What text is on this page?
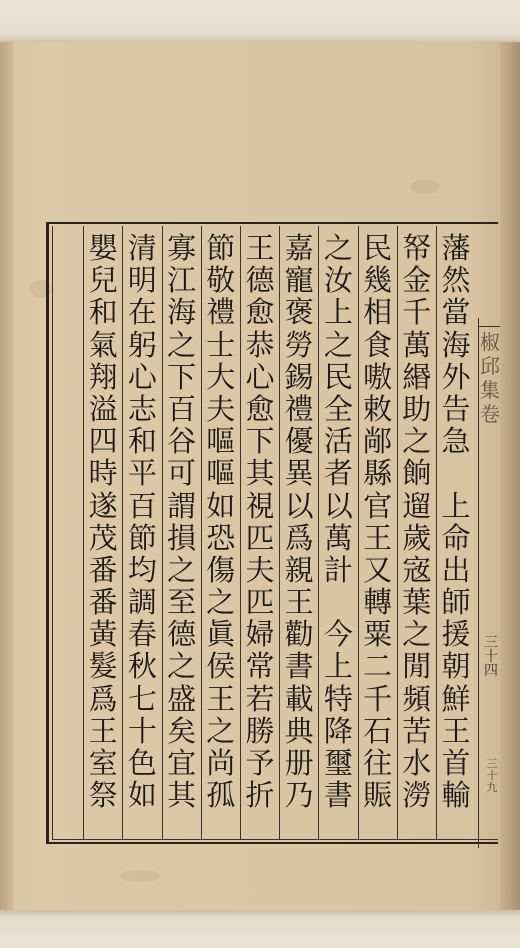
椒
邱
集
卷
三
十
四
三
十
九
藩
然
當
海
外
告
急

上
命
出
師
援
朝
鮮
王
首
輸
帑
金
千
萬
緡
助
之
餉
遛
歲
宼
葉
之
閒
頻
苦
水
澇
民
幾
相
食
嗷
敕
䣊
縣
官
王
又
轉
粟
二
千
石
往
賑
之
汝
上
之
民
全
活
者
以
萬
計

今
上
特
降
璽
書
嘉
寵
褒
勞
錫
禮
優
異
以
爲
親
王
勸
書
載
典
册
乃
王
德
愈
恭
心
愈
下
其
視
匹
夫
匹
婦
常
若
勝
予
折
節
敬
禮
士
大
夫
嘔
嘔
如
恐
傷
之
眞
侯
王
之
尚
孤
寡
江
海
之
下
百
谷
可
謂
損
之
至
德
之
盛
矣
宜
其
清
明
在
躬
心
志
和
平
百
節
均
調
春
秋
七
十
色
如
嬰
兒
和
氣
翔
溢
四
時
遂
茂
番
番
黃
髮
爲
王
室
祭
